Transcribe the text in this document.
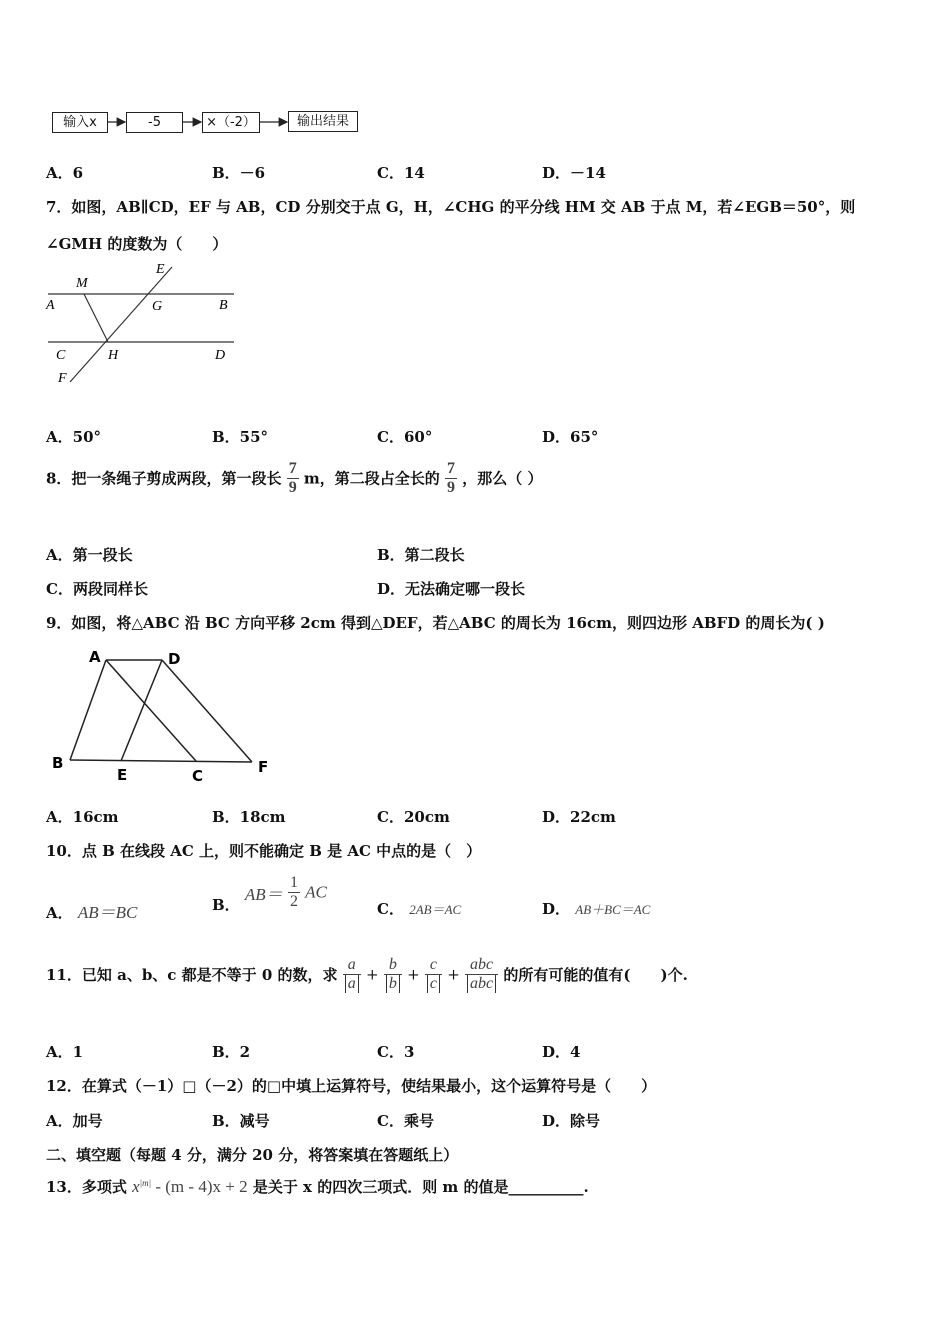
输入x	-5	×（-2）	输出结果
A．6	B．－6	C．14	D．－14
7．如图，AB∥CD，EF 与 AB，CD 分别交于点 G，H，∠CHG 的平分线 HM 交 AB 于点 M，若∠EGB＝50°，则
∠GMH 的度数为（　　）
M
E
A	G	B
C	H	D
F
A．50°	B．55°	C．60°	D．65°
8．把一条绳子剪成两段，第一段长 $\frac{7}{9}$ m，第二段占全长的 $\frac{7}{9}$ ，那么（ ）
A．第一段长	B．第二段长
C．两段同样长	D．无法确定哪一段长
9．如图，将△ABC 沿 BC 方向平移 2cm 得到△DEF，若△ABC 的周长为 16cm，则四边形 ABFD 的周长为( )
A	D
B
E	C	F
A．16cm	B．18cm	C．20cm	D．22cm
10．点 B 在线段 AC 上，则不能确定 B 是 AC 中点的是（　）
A． AB＝BC	B． $AB= \frac{1}{2}$ AC
C． 2AB＝AC	D． AB＋BC＝AC
11．已知 a、b、c 都是不等于 0 的数，求 $\frac{a}{a} + \frac{b}{b} + \frac{c}{c} + \frac{\text{abc}}{\text{abc}}$ 的所有可能的值有(　　)个.
A．1	B．2	C．3	D．4
12．在算式（－1）□（－2）的□中填上运算符号，使结果最小，这个运算符号是（　　）
A．加号	B．减号	C．乘号	D．除号
二、填空题（每题 4 分，满分 20 分，将答案填在答题纸上）
13．多项式 $x^{|m|} - (m - 4)x + 2$ 是关于 x 的四次三项式．则 m 的值是__________.
